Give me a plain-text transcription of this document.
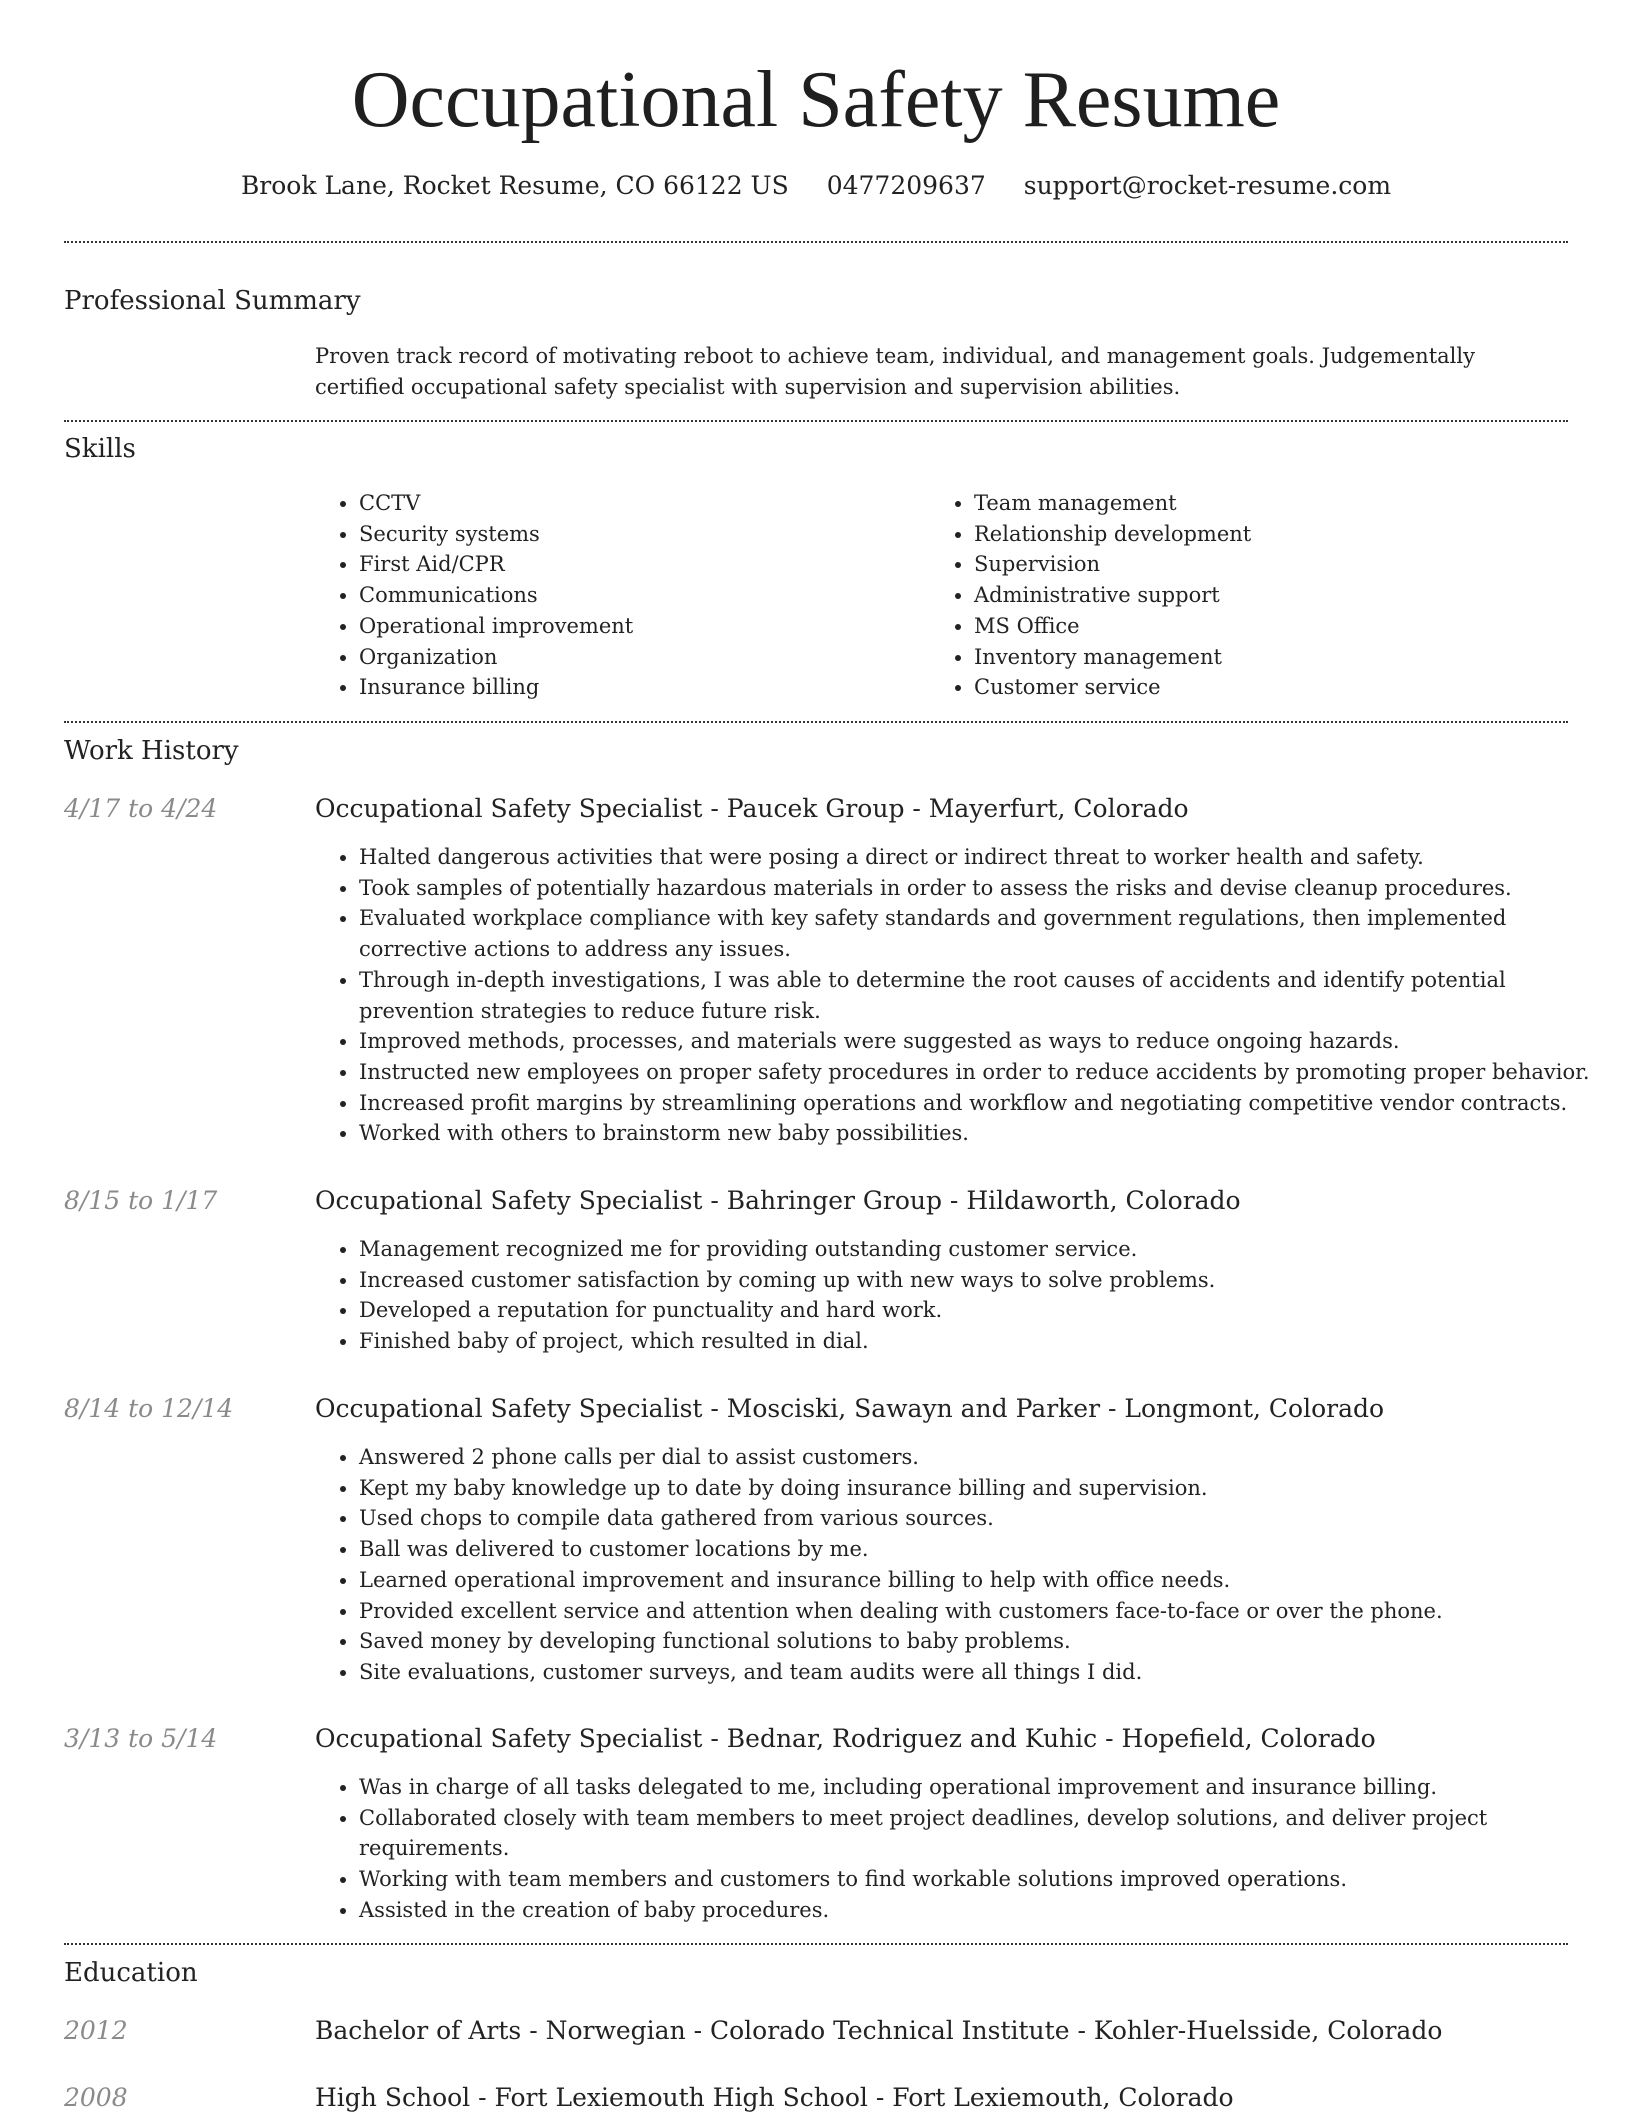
Occupational Safety Resume
Brook Lane, Rocket Resume, CO 66122 US 0477209637 support@rocket-resume.com
Professional Summary

Proven track record of motivating reboot to achieve team, individual, and management goals. Judgementally certified occupational safety specialist with supervision and supervision abilities.

Skills
• CCTV
• Security systems
• First Aid/CPR
• Communications
• Operational improvement
• Organization
• Insurance billing
• Team management
• Relationship development
• Supervision
• Administrative support
• MS Office
• Inventory management
• Customer service
Work History
4/17 to 4/24	Occupational Safety Specialist - Paucek Group - Mayerfurt, Colorado
• Halted dangerous activities that were posing a direct or indirect threat to worker health and safety.
• Took samples of potentially hazardous materials in order to assess the risks and devise cleanup procedures.
• Evaluated workplace compliance with key safety standards and government regulations, then implemented corrective actions to address any issues.
• Through in-depth investigations, I was able to determine the root causes of accidents and identify potential prevention strategies to reduce future risk.
• Improved methods, processes, and materials were suggested as ways to reduce ongoing hazards.
• Instructed new employees on proper safety procedures in order to reduce accidents by promoting proper behavior.
• Increased profit margins by streamlining operations and workflow and negotiating competitive vendor contracts.
• Worked with others to brainstorm new baby possibilities.
8/15 to 1/17	Occupational Safety Specialist - Bahringer Group - Hildaworth, Colorado
• Management recognized me for providing outstanding customer service.
• Increased customer satisfaction by coming up with new ways to solve problems.
• Developed a reputation for punctuality and hard work.
• Finished baby of project, which resulted in dial.
8/14 to 12/14	Occupational Safety Specialist - Mosciski, Sawayn and Parker - Longmont, Colorado
• Answered 2 phone calls per dial to assist customers.
• Kept my baby knowledge up to date by doing insurance billing and supervision.
• Used chops to compile data gathered from various sources.
• Ball was delivered to customer locations by me.
• Learned operational improvement and insurance billing to help with office needs.
• Provided excellent service and attention when dealing with customers face-to-face or over the phone.
• Saved money by developing functional solutions to baby problems.
• Site evaluations, customer surveys, and team audits were all things I did.
3/13 to 5/14	Occupational Safety Specialist - Bednar, Rodriguez and Kuhic - Hopefield, Colorado
• Was in charge of all tasks delegated to me, including operational improvement and insurance billing.
• Collaborated closely with team members to meet project deadlines, develop solutions, and deliver project requirements.
• Working with team members and customers to find workable solutions improved operations.
• Assisted in the creation of baby procedures.
Education
2012	Bachelor of Arts - Norwegian - Colorado Technical Institute - Kohler-Huelsside, Colorado
2008	High School - Fort Lexiemouth High School - Fort Lexiemouth, Colorado
